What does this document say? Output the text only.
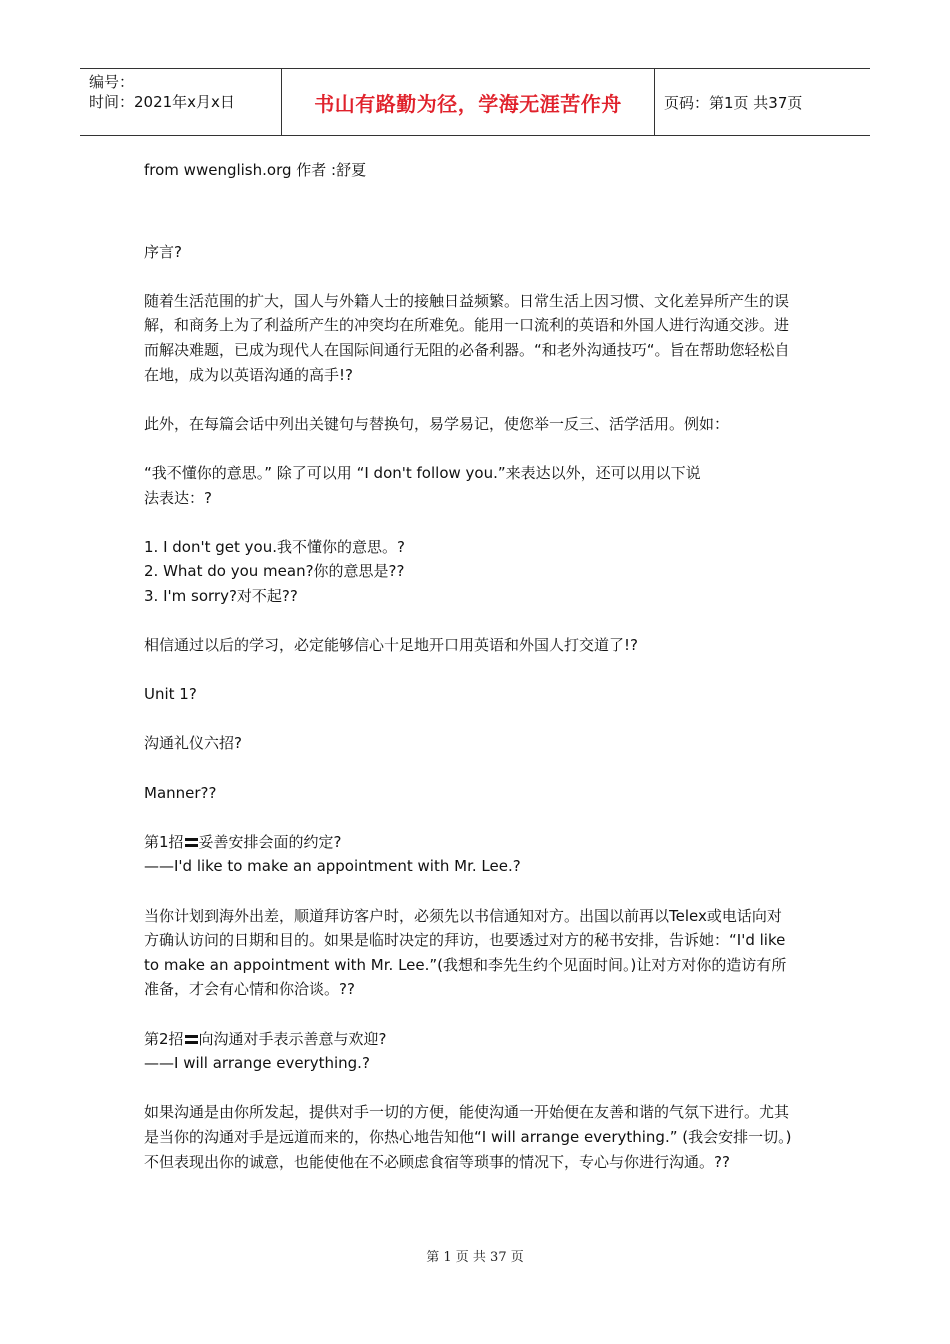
编号：
时间：2021年x月x日	书山有路勤为径，学海无涯苦作舟	页码：第1页 共37页

from wwenglish.org 作者 :舒夏

序言?

随着生活范围的扩大，国人与外籍人士的接触日益频繁。日常生活上因习惯、文化差异所产生的误解，和商务上为了利益所产生的冲突均在所难免。能用一口流利的英语和外国人进行沟通交涉。进而解决难题，已成为现代人在国际间通行无阻的必备利器。“和老外沟通技巧“。旨在帮助您轻松自在地，成为以英语沟通的高手!?

此外，在每篇会话中列出关键句与替换句，易学易记，使您举一反三、活学活用。例如：

“我不懂你的意思。” 除了可以用 “I don't follow you.”来表达以外，还可以用以下说

法表达：?

1. I don't get you.我不懂你的意思。?

2. What do you mean?你的意思是??

3. I'm sorry?对不起??

相信通过以后的学习，必定能够信心十足地开口用英语和外国人打交道了!?

Unit 1?

沟通礼仪六招?

Manner??

第1招 妥善安排会面的约定?

——I'd like to make an appointment with Mr. Lee.?

当你计划到海外出差，顺道拜访客户时，必须先以书信通知对方。出国以前再以Telex或电话向对方确认访问的日期和目的。如果是临时决定的拜访，也要透过对方的秘书安排，告诉她：“I'd like to make an appointment with Mr. Lee.”(我想和李先生约个见面时间。)让对方对你的造访有所准备，才会有心情和你洽谈。??

第2招 向沟通对手表示善意与欢迎?

——I will arrange everything.?

如果沟通是由你所发起，提供对手一切的方便，能使沟通一开始便在友善和谐的气氛下进行。尤其是当你的沟通对手是远道而来的，你热心地告知他“I will arrange everything.” (我会安排一切。)不但表现出你的诚意，也能使他在不必顾虑食宿等琐事的情况下，专心与你进行沟通。??

第 1 页 共 37 页
